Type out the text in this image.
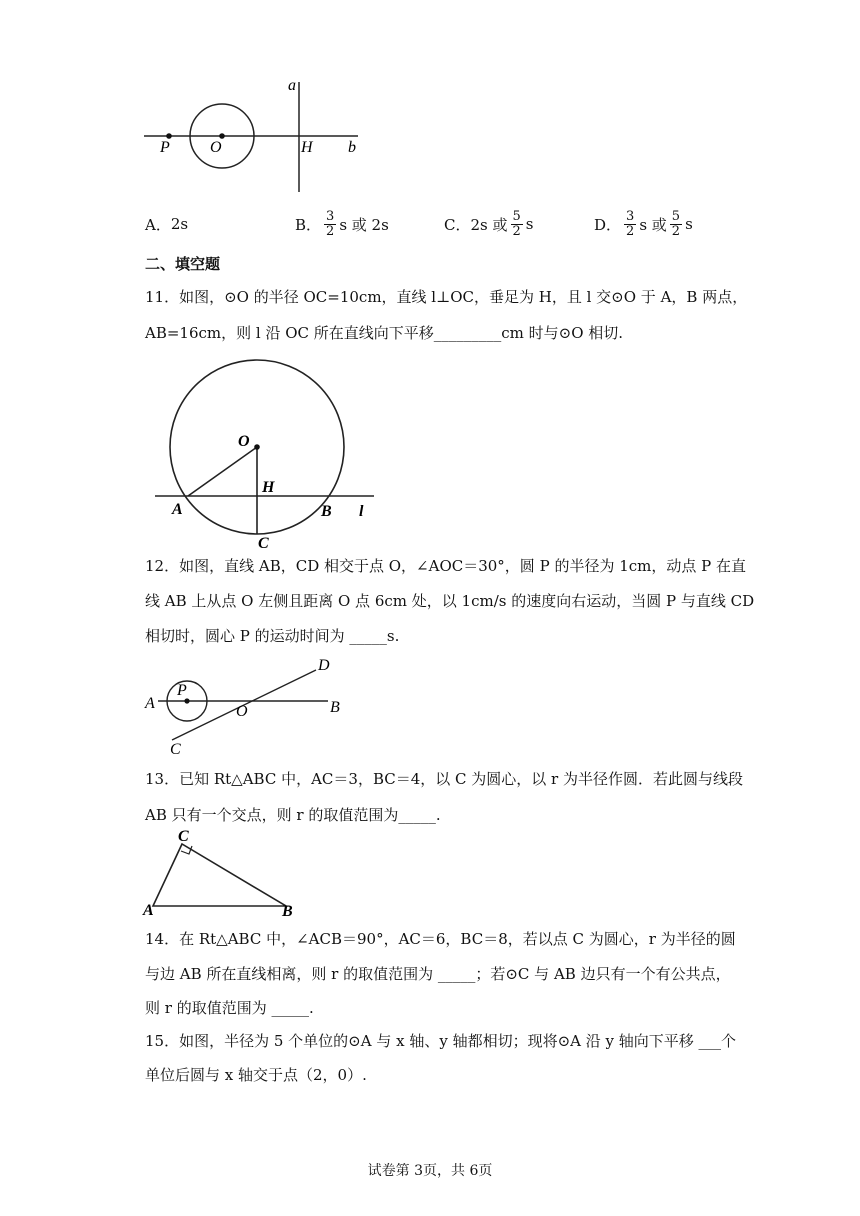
a
P	O	H b
A． 2s	B． $\frac{3}{2}$ s 或 2s	C． 2s 或 $\frac{5}{2}$ s	D． $\frac{3}{2}$ s 或 $\frac{5}{2}$ s
二、填空题
11．如图，⊙O 的半径 OC=10cm，直线 l⊥OC，垂足为 H，且 l 交⊙O 于 A，B 两点，
AB=16cm，则 l 沿 OC 所在直线向下平移_________cm 时与⊙O 相切.
O
H
A	B l
C
12．如图，直线 AB，CD 相交于点 O，∠AOC＝30°，圆 P 的半径为 1cm，动点 P 在直
线 AB 上从点 O 左侧且距离 O 点 6cm 处，以 1cm/s 的速度向右运动，当圆 P 与直线 CD
相切时，圆心 P 的运动时间为 _____s.
D
P
A	O	B
C
13．已知 Rt△ABC 中，AC＝3，BC＝4，以 C 为圆心，以 r 为半径作圆．若此圆与线段
AB 只有一个交点，则 r 的取值范围为_____.
C
A	B
14．在 Rt△ABC 中，∠ACB＝90°，AC＝6，BC＝8，若以点 C 为圆心，r 为半径的圆
与边 AB 所在直线相离，则 r 的取值范围为 _____；若⊙C 与 AB 边只有一个有公共点，
则 r 的取值范围为 _____.
15．如图，半径为 5 个单位的⊙A 与 x 轴、y 轴都相切；现将⊙A 沿 y 轴向下平移 ___个
单位后圆与 x 轴交于点（2，0）.
试卷第 3页，共 6页
